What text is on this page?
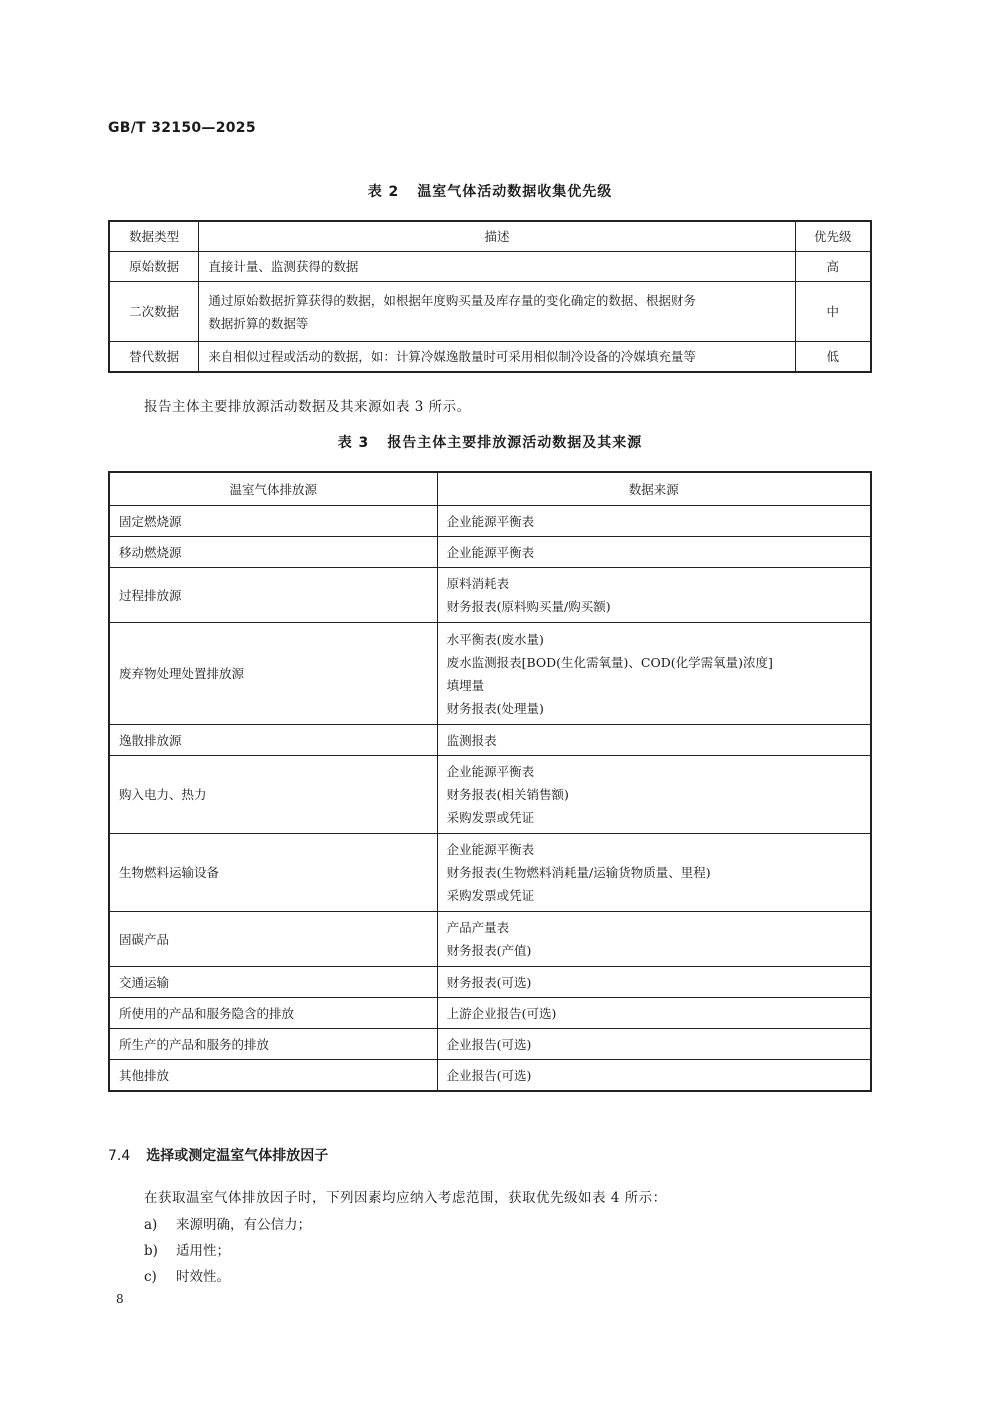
GB/T 32150—2025
表 2 温室气体活动数据收集优先级
数据类型	描述	优先级
原始数据	直接计量、监测获得的数据	高
二次数据	通过原始数据折算获得的数据，如根据年度购买量及库存量的变化确定的数据、根据财务
数据折算的数据等	中
替代数据	来自相似过程或活动的数据，如：计算冷媒逸散量时可采用相似制冷设备的冷媒填充量等	低
报告主体主要排放源活动数据及其来源如表 3 所示。
表 3 报告主体主要排放源活动数据及其来源
温室气体排放源	数据来源
固定燃烧源	企业能源平衡表

移动燃烧源	企业能源平衡表

过程排放源	原料消耗表
财务报表(原料购买量/购买额)

废弃物处理处置排放源	水平衡表(废水量)
废水监测报表[BOD(生化需氧量)、COD(化学需氧量)浓度]
填埋量
财务报表(处理量)

逸散排放源	监测报表

购入电力、热力	企业能源平衡表
财务报表(相关销售额)
采购发票或凭证

生物燃料运输设备	企业能源平衡表
财务报表(生物燃料消耗量/运输货物质量、里程)
采购发票或凭证

固碳产品	产品产量表
财务报表(产值)

交通运输	财务报表(可选)

所使用的产品和服务隐含的排放	上游企业报告(可选)

所生产的产品和服务的排放	企业报告(可选)

其他排放	企业报告(可选)
7.4 选择或测定温室气体排放因子
在获取温室气体排放因子时，下列因素均应纳入考虑范围，获取优先级如表 4 所示：
a) 来源明确，有公信力；
b) 适用性；
c) 时效性。
8
